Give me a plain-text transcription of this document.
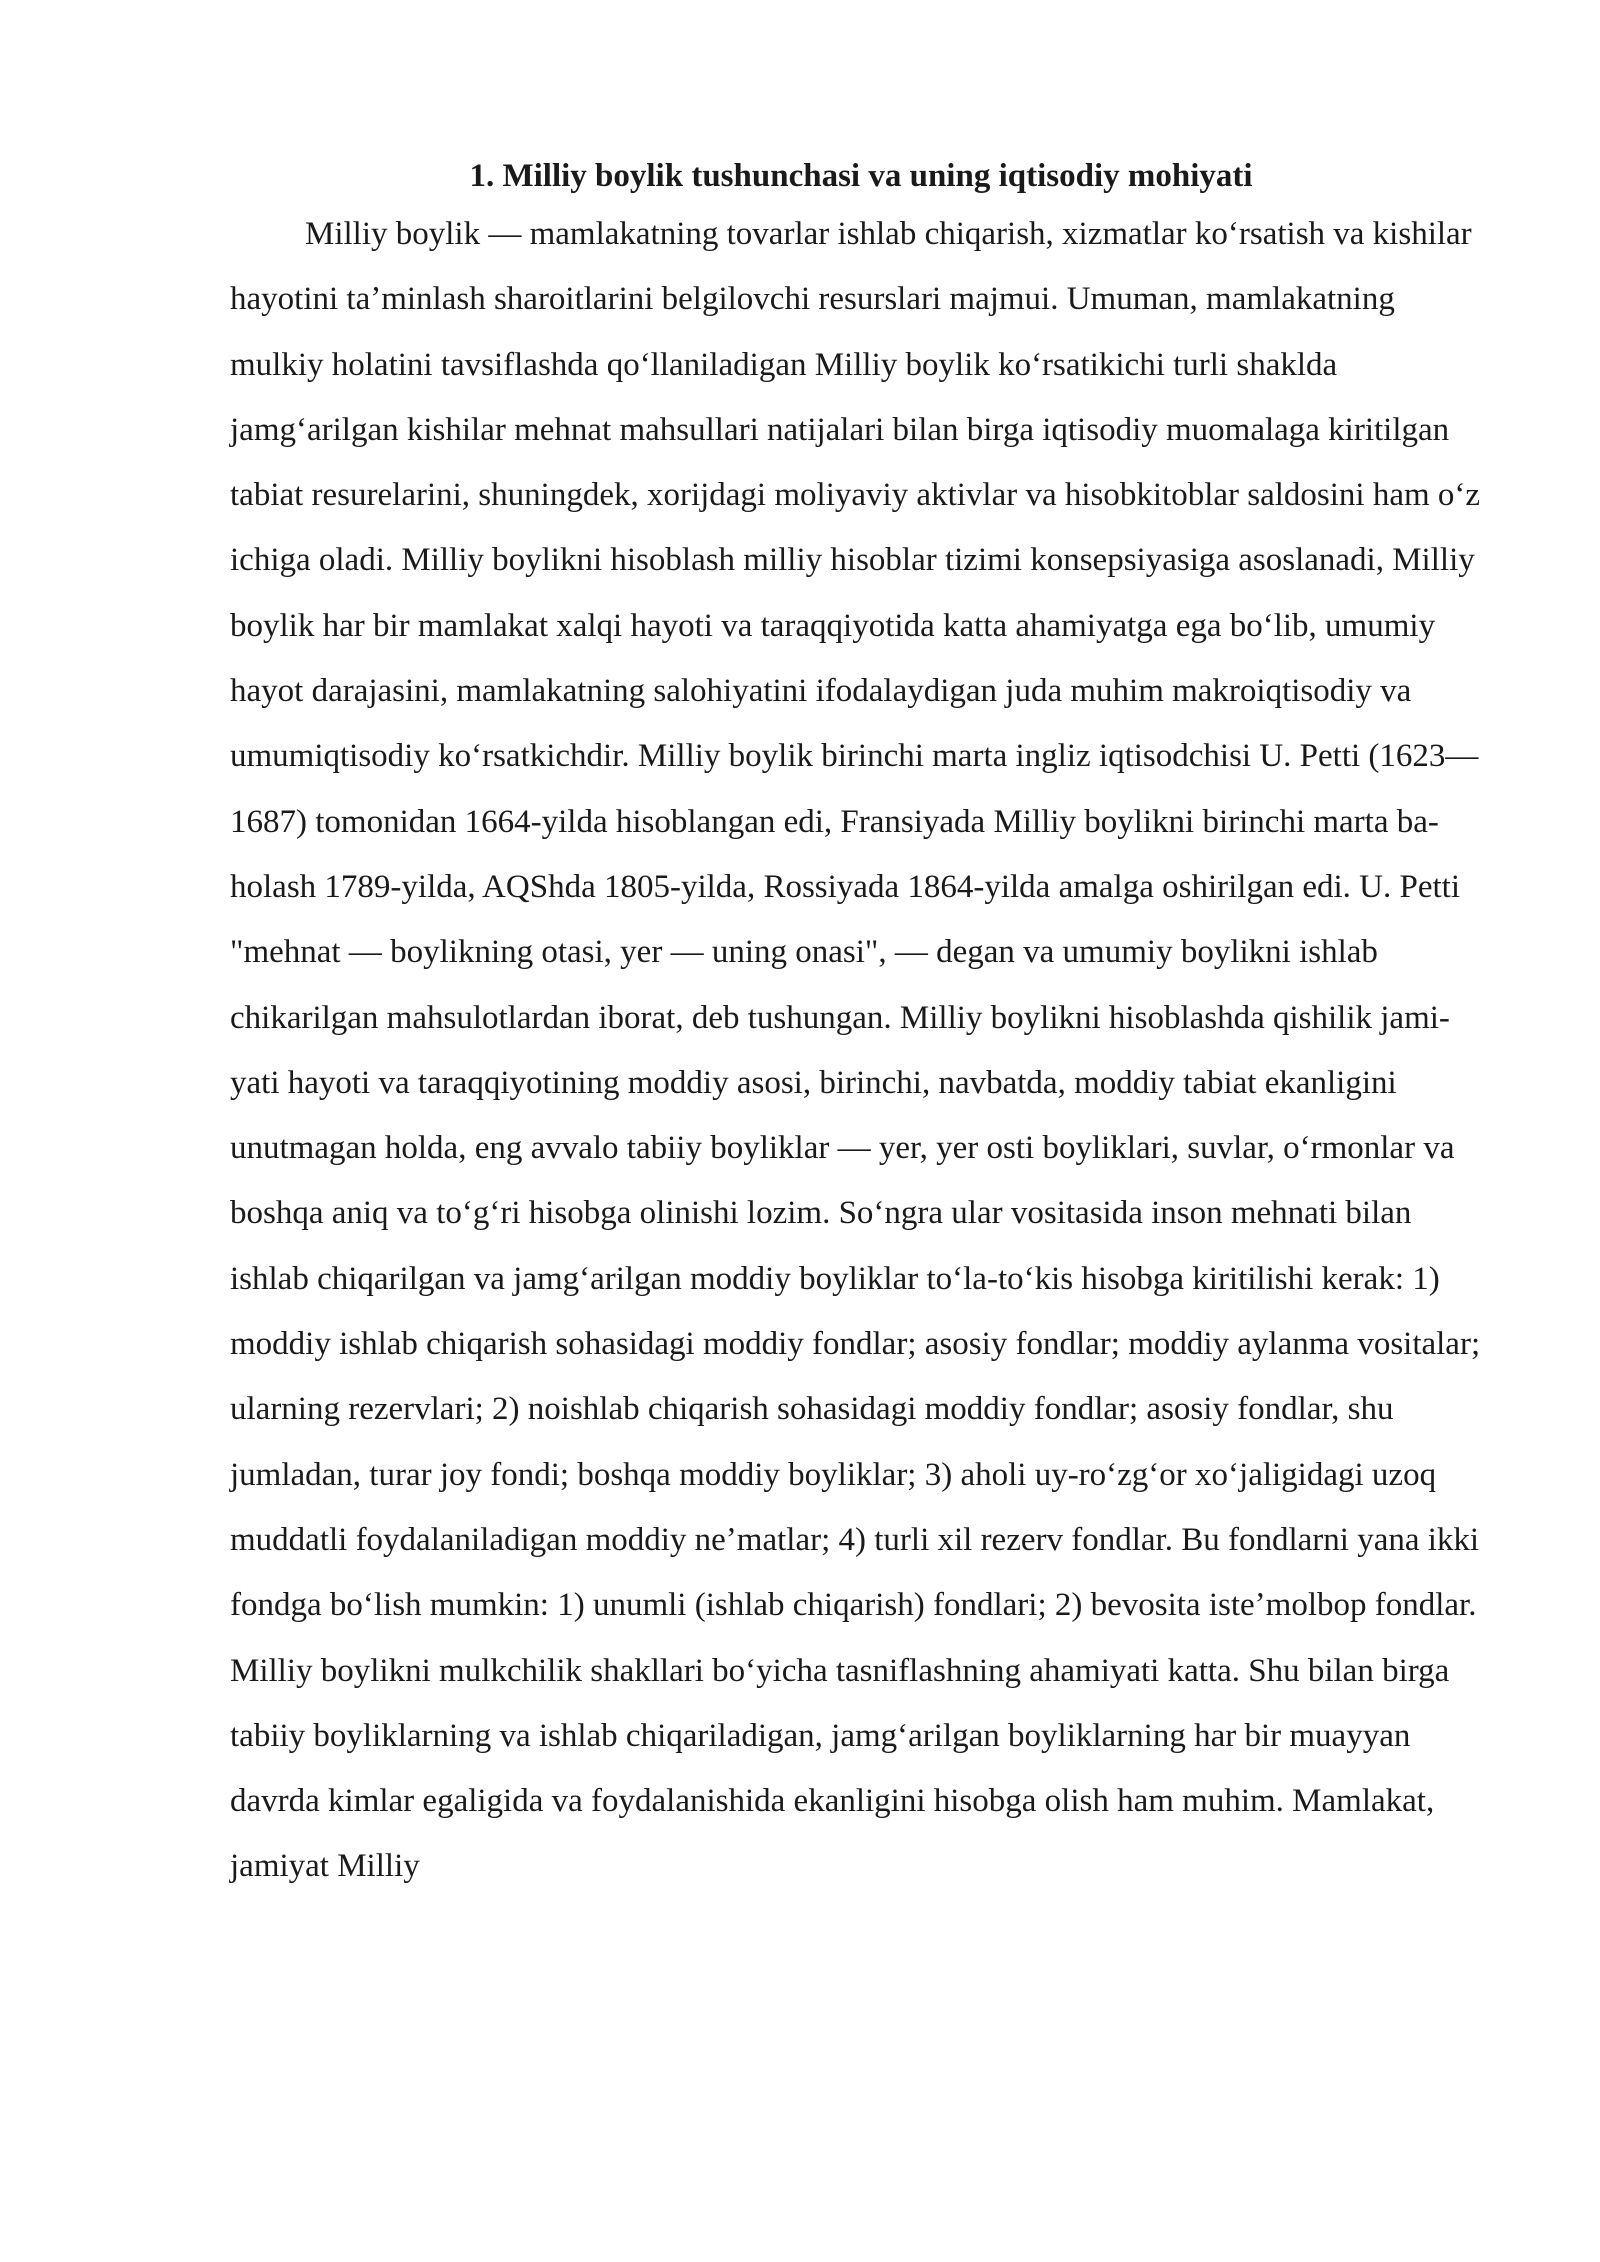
1. Milliy boylik tushunchasi va uning iqtisodiy mohiyati

Milliy boylik — mamlakatning tovarlar ishlab chiqarish, xizmatlar koʻrsatish va kishilar hayotini taʼminlash sharoitlarini belgilovchi resurslari majmui. Umuman, mamlakatning mulkiy holatini tavsiflashda qoʻllaniladigan Milliy boylik koʻrsatikichi turli shaklda jamgʻarilgan kishilar mehnat mahsullari natijalari bilan birga iqtisodiy muomalaga kiritilgan tabiat resurelarini, shuningdek, xorijdagi moliyaviy aktivlar va hisobkitoblar saldosini ham oʻz ichiga oladi. Milliy boylikni hisoblash milliy hisoblar tizimi konsepsiyasiga asoslanadi, Milliy boylik har bir mamlakat xalqi hayoti va taraqqiyotida katta ahamiyatga ega boʻlib, umumiy hayot darajasini, mamlakatning salohiyatini ifodalaydigan juda muhim makroiqtisodiy va umumiqtisodiy koʻrsatkichdir. Milliy boylik birinchi marta ingliz iqtisodchisi U. Petti (1623—1687) tomonidan 1664-yilda hisoblangan edi, Fransiyada Milliy boylikni birinchi marta ba-holash 1789-yilda, AQShda 1805-yilda, Rossiyada 1864-yilda amalga oshirilgan edi. U. Petti "mehnat — boylikning otasi, yer — uning onasi", — degan va umumiy boylikni ishlab chikarilgan mahsulotlardan iborat, deb tushungan. Milliy boylikni hisoblashda qishilik jami-yati hayoti va taraqqiyotining moddiy asosi, birinchi, navbatda, moddiy tabiat ekanligini unutmagan holda, eng avvalo tabiiy boyliklar — yer, yer osti boyliklari, suvlar, oʻrmonlar va boshqa aniq va toʻgʻri hisobga olinishi lozim. Soʻngra ular vositasida inson mehnati bilan ishlab chiqarilgan va jamgʻarilgan moddiy boyliklar toʻla-toʻkis hisobga kiritilishi kerak: 1) moddiy ishlab chiqarish sohasidagi moddiy fondlar; asosiy fondlar; moddiy aylanma vositalar; ularning rezervlari; 2) noishlab chiqarish sohasidagi moddiy fondlar; asosiy fondlar, shu jumladan, turar joy fondi; boshqa moddiy boyliklar; 3) aholi uy-roʻzgʻor xoʻjaligidagi uzoq muddatli foydalaniladigan moddiy neʼmatlar; 4) turli xil rezerv fondlar. Bu fondlarni yana ikki fondga boʻlish mumkin: 1) unumli (ishlab chiqarish) fondlari; 2) bevosita isteʼmolbop fondlar. Milliy boylikni mulkchilik shakllari boʻyicha tasniflashning ahamiyati katta. Shu bilan birga tabiiy boyliklarning va ishlab chiqariladigan, jamgʻarilgan boyliklarning har bir muayyan davrda kimlar egaligida va foydalanishida ekanligini hisobga olish ham muhim. Mamlakat, jamiyat Milliy
